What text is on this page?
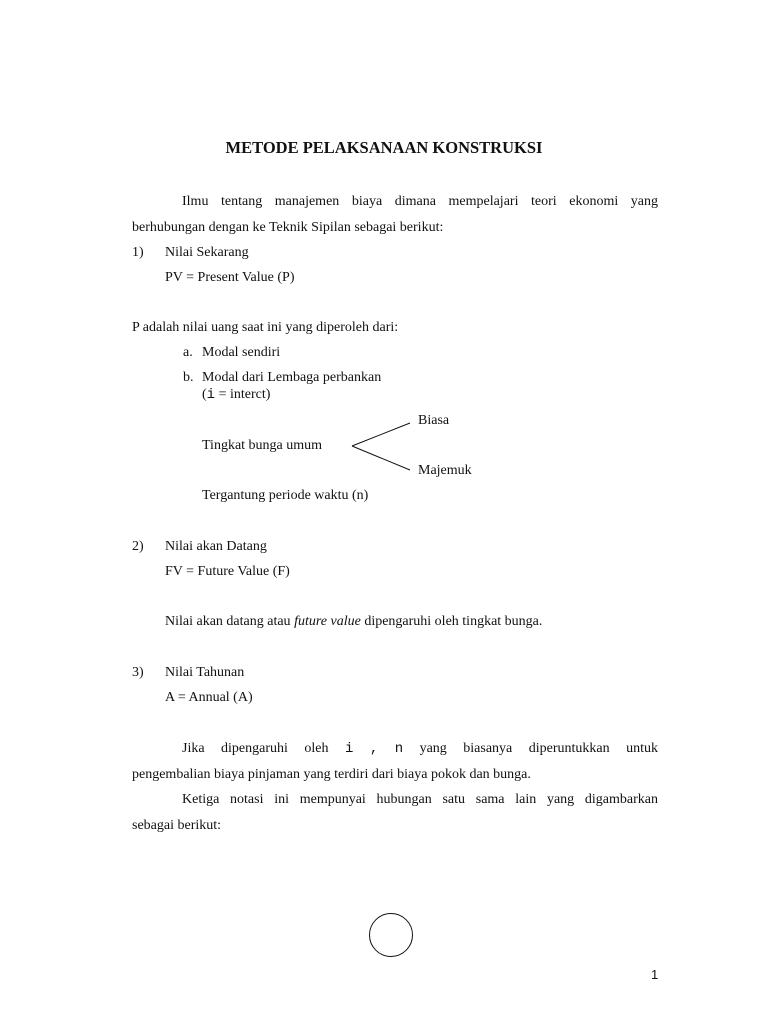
METODE PELAKSANAAN KONSTRUKSI
Ilmu tentang manajemen biaya dimana mempelajari teori ekonomi yang
berhubungan dengan ke Teknik Sipilan sebagai berikut:
1) Nilai Sekarang
PV = Present Value (P)
P adalah nilai uang saat ini yang diperoleh dari:
a. Modal sendiri
b. Modal dari Lembaga perbankan
(i = interct)
Biasa
Tingkat bunga umum
Majemuk
Tergantung periode waktu (n)
2) Nilai akan Datang
FV = Future Value (F)
Nilai akan datang atau future value dipengaruhi oleh tingkat bunga.
3) Nilai Tahunan
A = Annual (A)
Jika dipengaruhi oleh i , n yang biasanya diperuntukkan untuk
pengembalian biaya pinjaman yang terdiri dari biaya pokok dan bunga.
Ketiga notasi ini mempunyai hubungan satu sama lain yang digambarkan
sebagai berikut:
1
